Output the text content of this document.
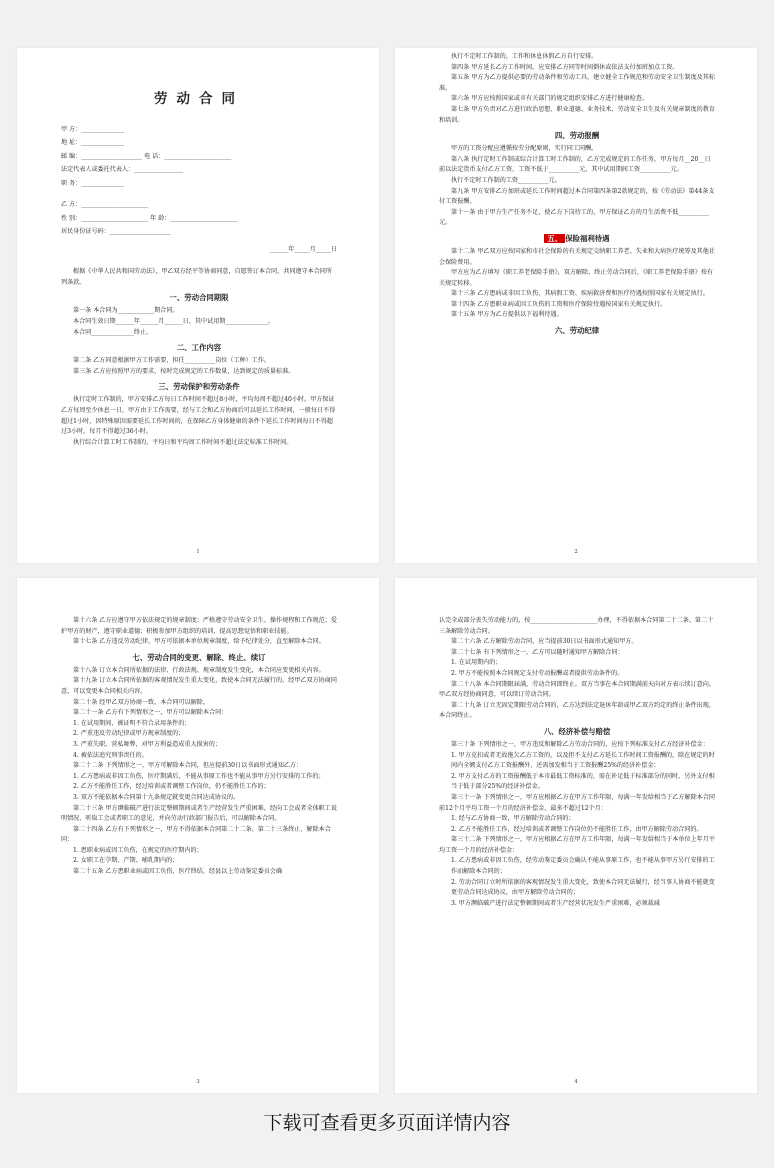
劳动合同
甲 方：______________
地 址：______________
邮 编：____________________ 电 话：______________________
法定代表人或委托代表人：________________
职 务：______________
乙 方：______________________
性 别：______________________ 年 龄：______________________
居民身份证号码：____________________
______年_____月_____日
根据《中华人民共和国劳动法》，甲乙双方经平等协商同意，自愿签订本合同，共同遵守本合同所列条款。
一、劳动合同期限
第一条 本合同为____________期合同。
本合同生效日期______年______月______日，其中试用期______________。
本合同______________终止。
二、工作内容
第二条 乙方同意根据甲方工作需要，担任__________岗位（工种）工作。
第三条 乙方应按照甲方的要求，按时完成规定的工作数量，达到规定的质量标准。
三、劳动保护和劳动条件
执行定时工作制的，甲方安排乙方每日工作时间不超过8小时，平均每周不超过40小时。甲方保证乙方每周至少休息一日，甲方由于工作需要，经与工会和乙方协商后可以延长工作时间，一般每日不得超过1小时，因特殊原因需要延长工作时间的，在保障乙方身体健康的条件下延长工作时间每日不得超过3小时，每月不得超过36小时。
执行综合计算工时工作制的，平均日和平均周工作时间不超过法定标准工作时间。
1
执行不定时工作制的，工作和休息休假乙方自行安排。
第四条 甲方延长乙方工作时间，应安排乙方同等时间倒休或依法支付加班加点工资。
第五条 甲方为乙方提供必要的劳动条件和劳动工具，建立健全工作规范和劳动安全卫生制度及其标准。
第六条 甲方应按照国家或市有关部门的规定组织安排乙方进行健康检查。
第七条 甲方负责对乙方进行政治思想、职业道德、业务技术、劳动安全卫生及有关规章制度的教育和培训。
四、劳动报酬
甲方的工资分配应遵循按劳分配原则，实行同工同酬。
第八条 执行定时工作制或综合计算工时工作制的，乙方完成规定的工作任务，甲方每月__20__日前以法定货币支付乙方工资，工资不低于__________元，其中试用期间工资__________元。
执行不定时工作制的工资__________元。
第九条 甲方安排乙方加班或延长工作时间超过本合同第四条第2款规定的，按《劳动法》第44条支付工资报酬。
第十一条 由于甲方生产任务不足，使乙方下岗待工的，甲方保证乙方的月生活费不低__________元。
五、 保险福利待遇
第十二条 甲乙双方应按国家和市社会保险的有关规定交纳职工养老、失业和大病医疗统筹及其他社会保险费用。
甲方应为乙方填写《职工养老保险手册》，双方解除、终止劳动合同后，《职工养老保险手册》按有关规定转移。
第十三条 乙方患病或非因工负伤，其病假工资、疾病救济费和医疗待遇按照国家有关规定执行。
第十四条 乙方患职业病或因工负伤的工资和医疗保险待遇按国家有关规定执行。
第十五条 甲方为乙方提供以下福利待遇。
六、劳动纪律
2
第十六条 乙方应遵守甲方依法规定的规章制度；严格遵守劳动安全卫生、操作规程和工作规范；爱护甲方的财产，遵守职业道德；积极参加甲方组织的培训，提高思想觉悟和职业技能。
第十七条 乙方违反劳动纪律，甲方可依据本单位规章制度，给予纪律处分，直至解除本合同。
七、劳动合同的变更、解除、终止、续订
第十八条 订立本合同所依据的法律、行政法规、规章制度发生变化，本合同应变更相关内容。
第十九条 订立本合同所依据的客观情况发生重大变化，致使本合同无法履行的，经甲乙双方协商同意，可以变更本合同相关内容。
第二十条 经甲乙双方协商一致，本合同可以解除。
第二十一条 乙方有下列情形之一，甲方可以解除本合同：
1. 在试用期间，被证明不符合录用条件的；
2. 严重违反劳动纪律或甲方规章制度的；
3. 严重失职、营私舞弊，对甲方利益造成重大损害的；
4. 被依法追究刑事责任的。
第二十二条 下列情形之一，甲方可解除本合同，但应提前30日以书面形式通知乙方：
1. 乙方患病或非因工负伤，医疗期满后，不能从事原工作也不能从事甲方另行安排的工作的；
2. 乙方不能胜任工作，经过培训或者调整工作岗位，仍不能胜任工作的；
3. 双方不能依据本合同第十九条规定就变更合同达成协议的。
第二十三条 甲方濒临破产进行法定整顿期间或者生产经营发生严重困难，经向工会或者全体职工说明情况，听取工会或者职工的意见，并向劳动行政部门报告后，可以解除本合同。
第二十四条 乙方有下列情形之一，甲方不得依据本合同第二十二条、第二十三条终止、解除本合同：
1. 患职业病或因工负伤，在规定的医疗期内的；
2. 女职工在孕期、产期、哺乳期内的；
第二十五条 乙方患职业病或因工负伤，医疗终结，经县以上劳动鉴定委员会确
3
认完全或部分丧失劳动能力的，按______________________办理，不得依据本合同第二十二条、第二十三条解除劳动合同。
第二十六条 乙方解除劳动合同，应当提前30日以书面形式通知甲方。
第二十七条 有下列情形之一，乙方可以随时通知甲方解除合同：
1. 在试用期内的；
2. 甲方不能按照本合同规定支付劳动报酬或者提供劳动条件的。
第二十八条 本合同期限届满，劳动合同即终止。双方当事在本合同期满前天向对方表示续订意向。甲乙双方经协商同意，可以续订劳动合同。
第二十九条 订立无固定期限劳动合同的，乙方达到法定退休年龄或甲乙双方约定的终止条件出现，本合同终止。
八、经济补偿与赔偿
第三十条 下列情形之一，甲方违反和解除乙方劳动合同的，应按下列标准支付乙方经济补偿金：
1. 甲方克扣或者无故拖欠乙方工资的，以及拒不支付乙方延长工作时间工资报酬的，除在规定的时间内全额支付乙方工资报酬外，还需加发相当于工资报酬25%的经济补偿金；
2. 甲方支付乙方的工资报酬低于本市最低工资标准的，需在补足低于标准部分的同时，另外支付相当于低于部分25%的经济补偿金。
第三十一条 下列情形之一，甲方应根据乙方在甲方工作年限，每满一年发给相当于乙方解除本合同前12个月平均工资一个月的经济补偿金，最多不超过12个月：
1. 经与乙方协商一致，甲方解除劳动合同的；
2. 乙方不能胜任工作，经过培训或者调整工作岗位仍不能胜任工作，由甲方解除劳动合同的。
第三十二条 下列情形之一，甲方应根据乙方在甲方工作年限，每满一年发给相当于本单位上年月平均工资一个月的经济补偿金：
1. 乙方患病或非因工负伤，经劳动鉴定委员会确认不能从事原工作，也不能从事甲方另行安排的工作而解除本合同的；
2. 劳动合同订立时所依据的客观情况发生重大变化，致使本合同无法履行，经当事人协商不能就变更劳动合同达成协议，由甲方解除劳动合同的；
3. 甲方濒临破产进行法定整顿期间或者生产经营状况发生严重困难，必须裁减
4
下载可查看更多页面详情内容
